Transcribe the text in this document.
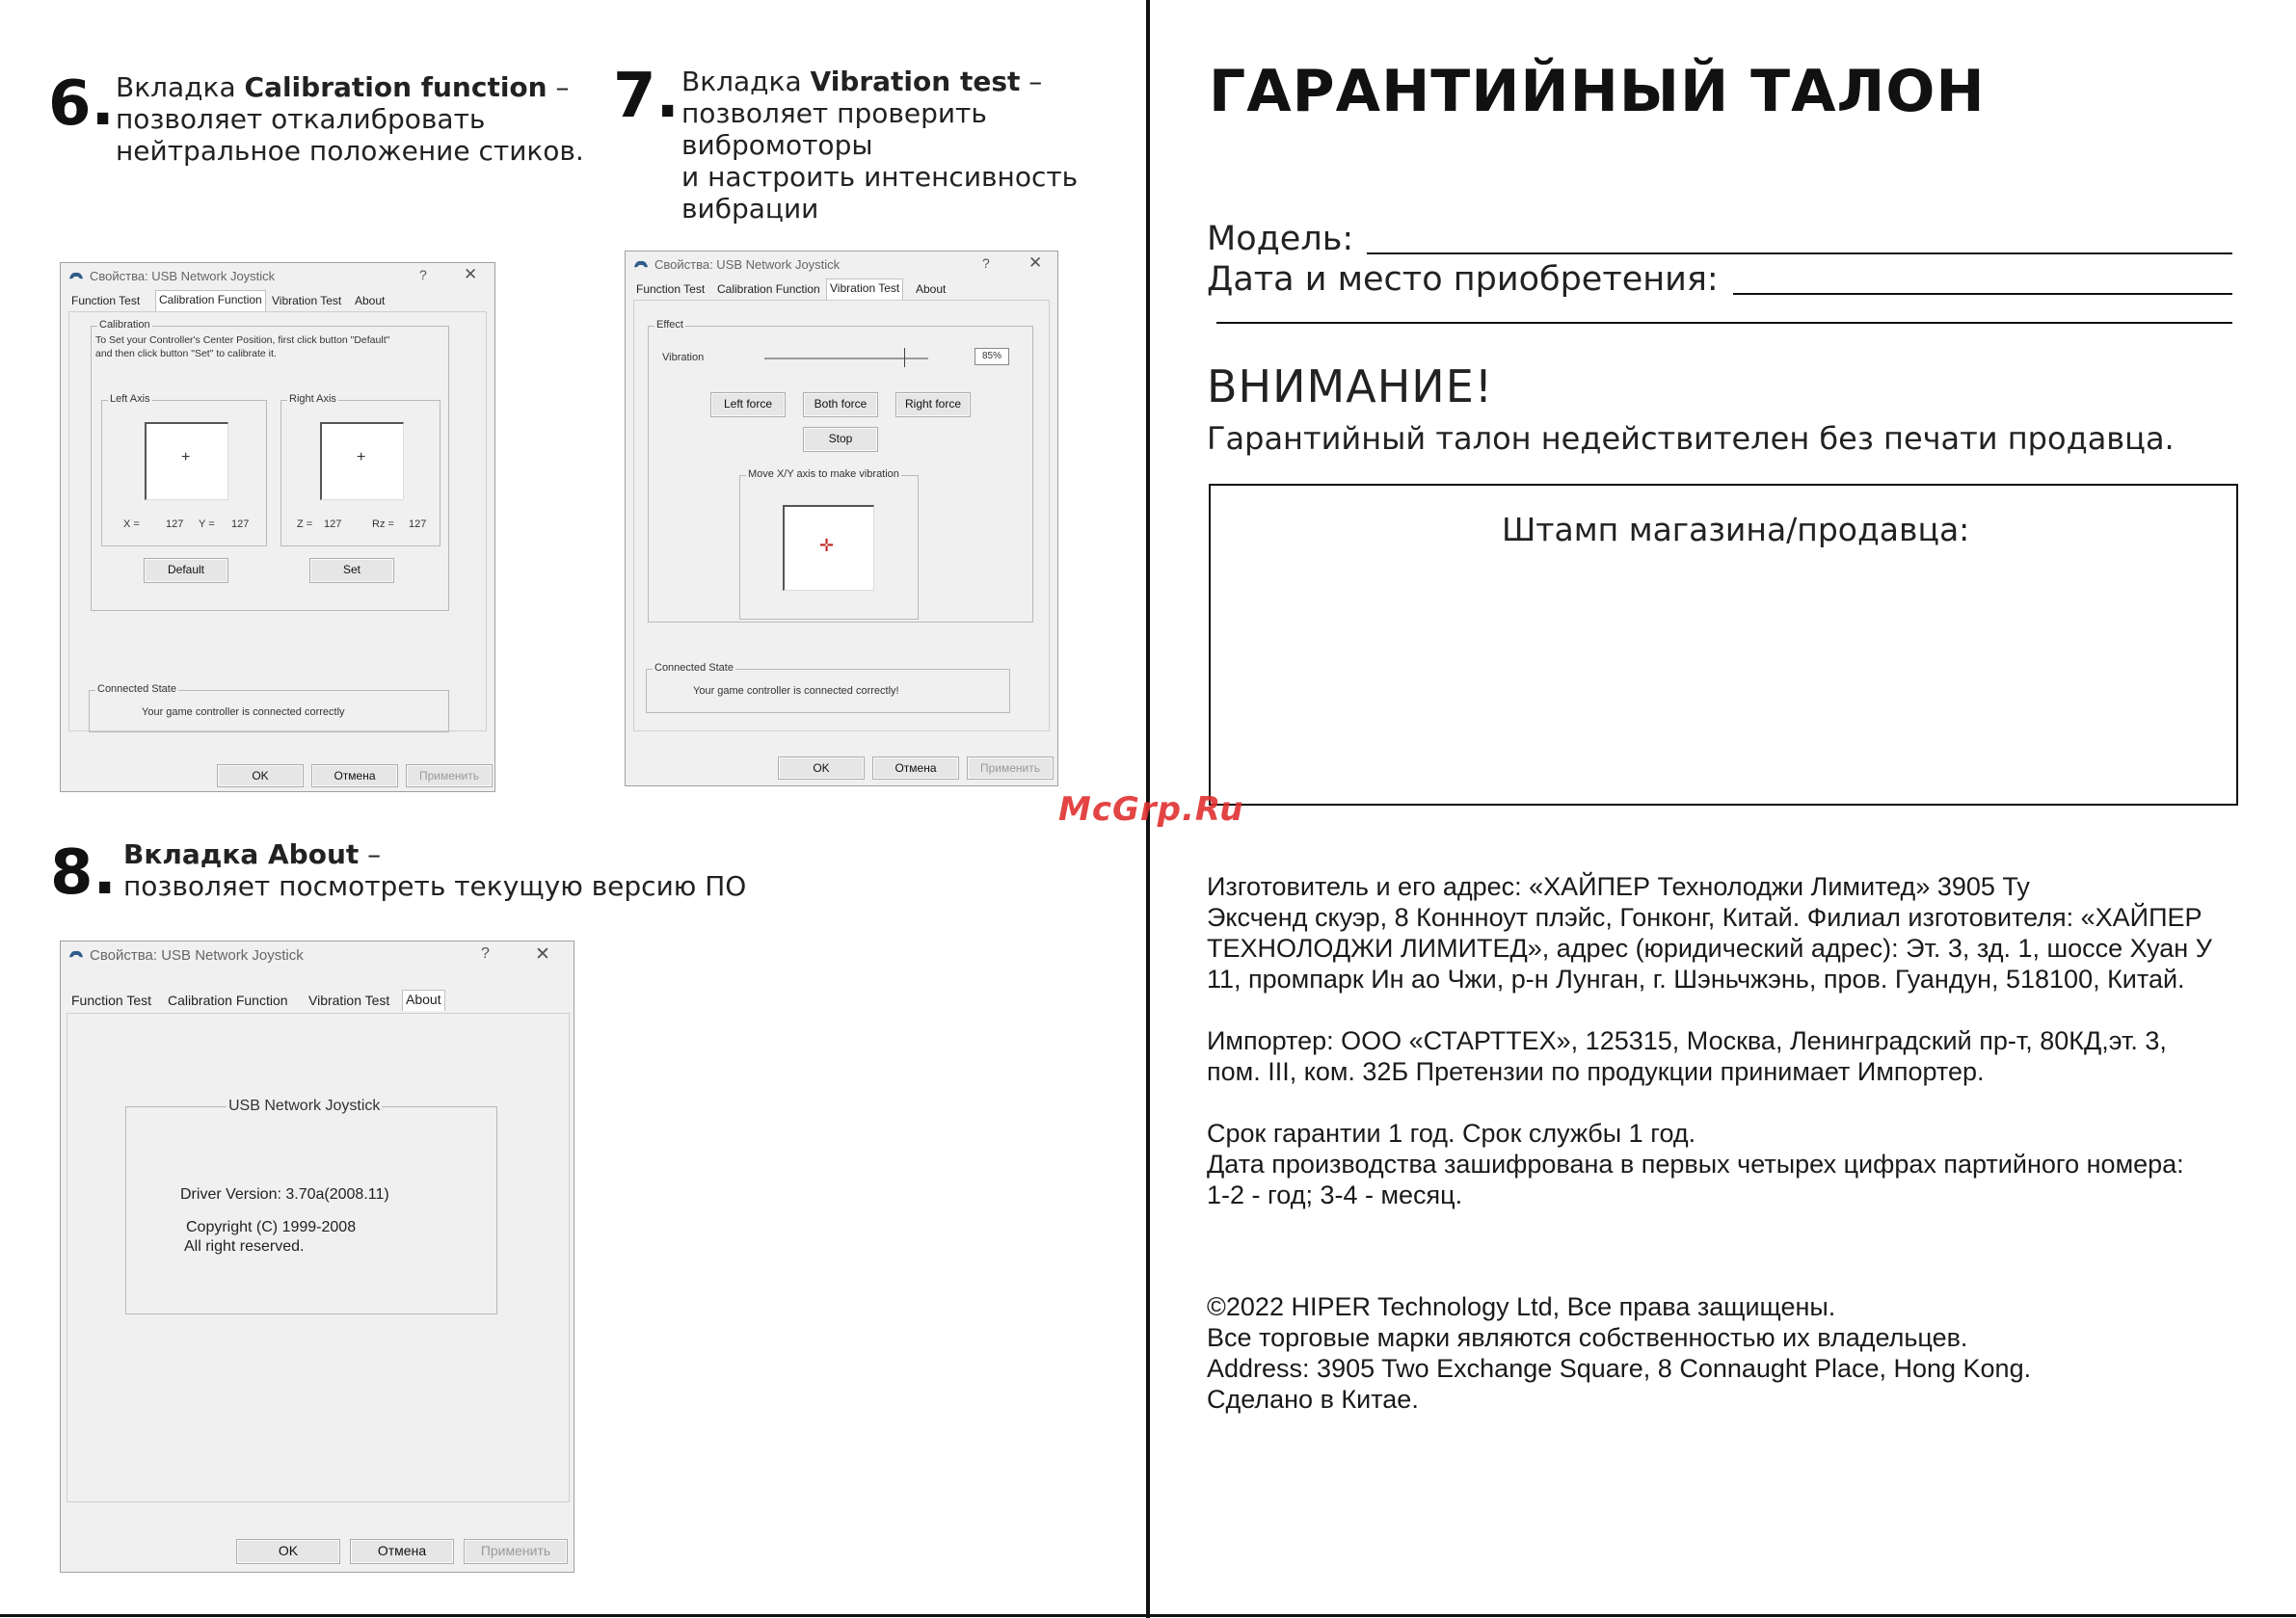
6. Вкладка Calibration function –
позволяет откалибровать
нейтральное положение стиков.
7. Вкладка Vibration test –
позволяет проверить
вибромоторы
и настроить интенсивность
вибрации
8. Вкладка About –
позволяет посмотреть текущую версию ПО
Свойства: USB Network Joystick	? ✕
Function Test	Calibration Function Vibration Test About
Calibration
To Set your Controller's Center Position, first click button "Default"
and then click button "Set" to calibrate it.
Left Axis
+
X = 127 Y = 127
Right Axis
+
Z = 127	Rz = 127
Default	Set
Connected State
Your game controller is connected correctly
OK	Отмена	Применить
Свойства: USB Network Joystick	? ✕
Function Test Calibration Function Vibration Test	About
Effect
Vibration	85%
Left force	Both force	Right force
Stop
Move X/Y axis to make vibration
✛
Connected State
Your game controller is connected correctly!
OK	Отмена	Применить
Свойства: USB Network Joystick	? ✕
Function Test Calibration Function Vibration Test About
USB Network Joystick
Driver Version: 3.70a(2008.11)
Copyright (C) 1999-2008
All right reserved.
OK	Отмена	Применить
ГАРАНТИЙНЫЙ ТАЛОН
Модель:
Дата и место приобретения:
ВНИМАНИЕ!
Гарантийный талон недействителен без печати продавца.
Штамп магазина/продавца:

Изготовитель и его адрес: «ХАЙПЕР Технолоджи Лимитед» 3905 Ту

Эксченд скуэр, 8 Коннноут плэйс, Гонконг, Китай. Филиал изготовителя: «ХАЙПЕР

ТЕХНОЛОДЖИ ЛИМИТЕД», адрес (юридический адрес): Эт. 3, зд. 1, шоссе Хуан У

11, промпарк Ин ао Чжи, р-н Лунган, г. Шэньчжэнь, пров. Гуандун, 518100, Китай.

Импортер: ООО «СТАРТТЕХ», 125315, Москва, Ленинградский пр-т, 80КД,эт. 3,

пом. III, ком. 32Б Претензии по продукции принимает Импортер.

Срок гарантии 1 год. Срок службы 1 год.

Дата производства зашифрована в первых четырех цифрах партийного номера:

1-2 - год; 3-4 - месяц.

©2022 HIPER Technology Ltd, Все права защищены.

Все торговые марки являются собственностью их владельцев.

Address: 3905 Two Exchange Square, 8 Connaught Place, Hong Kong.

Сделано в Китае.

McGrp.Ru
